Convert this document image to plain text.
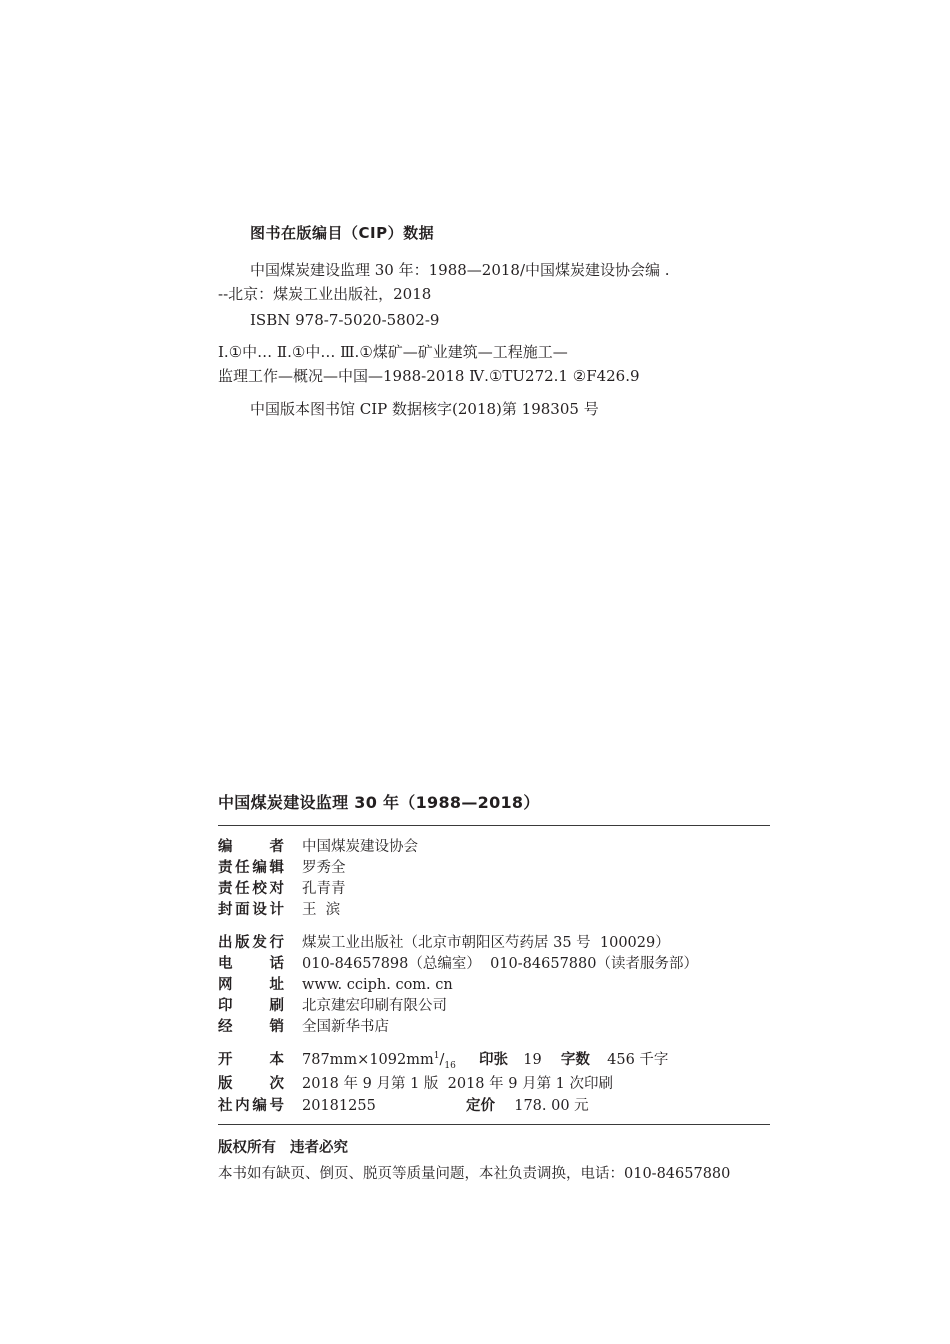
图书在版编目（CIP）数据
中国煤炭建设监理 30 年：1988—2018/中国煤炭建设协会编 .
--北京：煤炭工业出版社，2018
ISBN 978-7-5020-5802-9
Ⅰ.①中… Ⅱ.①中… Ⅲ.①煤矿—矿业建筑—工程施工—
监理工作—概况—中国—1988-2018 Ⅳ.①TU272.1 ②F426.9
中国版本图书馆 CIP 数据核字(2018)第 198305 号
中国煤炭建设监理 30 年（1988—2018）
编	者 中国煤炭建设协会
责 任 编 辑 罗秀全
责 任 校 对 孔青青
封 面 设 计 王  滨
出 版 发 行 煤炭工业出版社（北京市朝阳区芍药居 35 号  100029）
电	话 010-84657898（总编室）  010-84657880（读者服务部）
网	址 www. cciph. com. cn
印	刷 北京建宏印刷有限公司
经	销 全国新华书店
开	本 $787mm\times 1092mm^1/_{16}$ 印张 19 字数 456 千字
版	次 2018 年 9 月第 1 版  2018 年 9 月第 1 次印刷
社 内 编 号 20181255	定价 178. 00 元
版权所有 违者必究
本书如有缺页、倒页、脱页等质量问题，本社负责调换，电话：010-84657880
